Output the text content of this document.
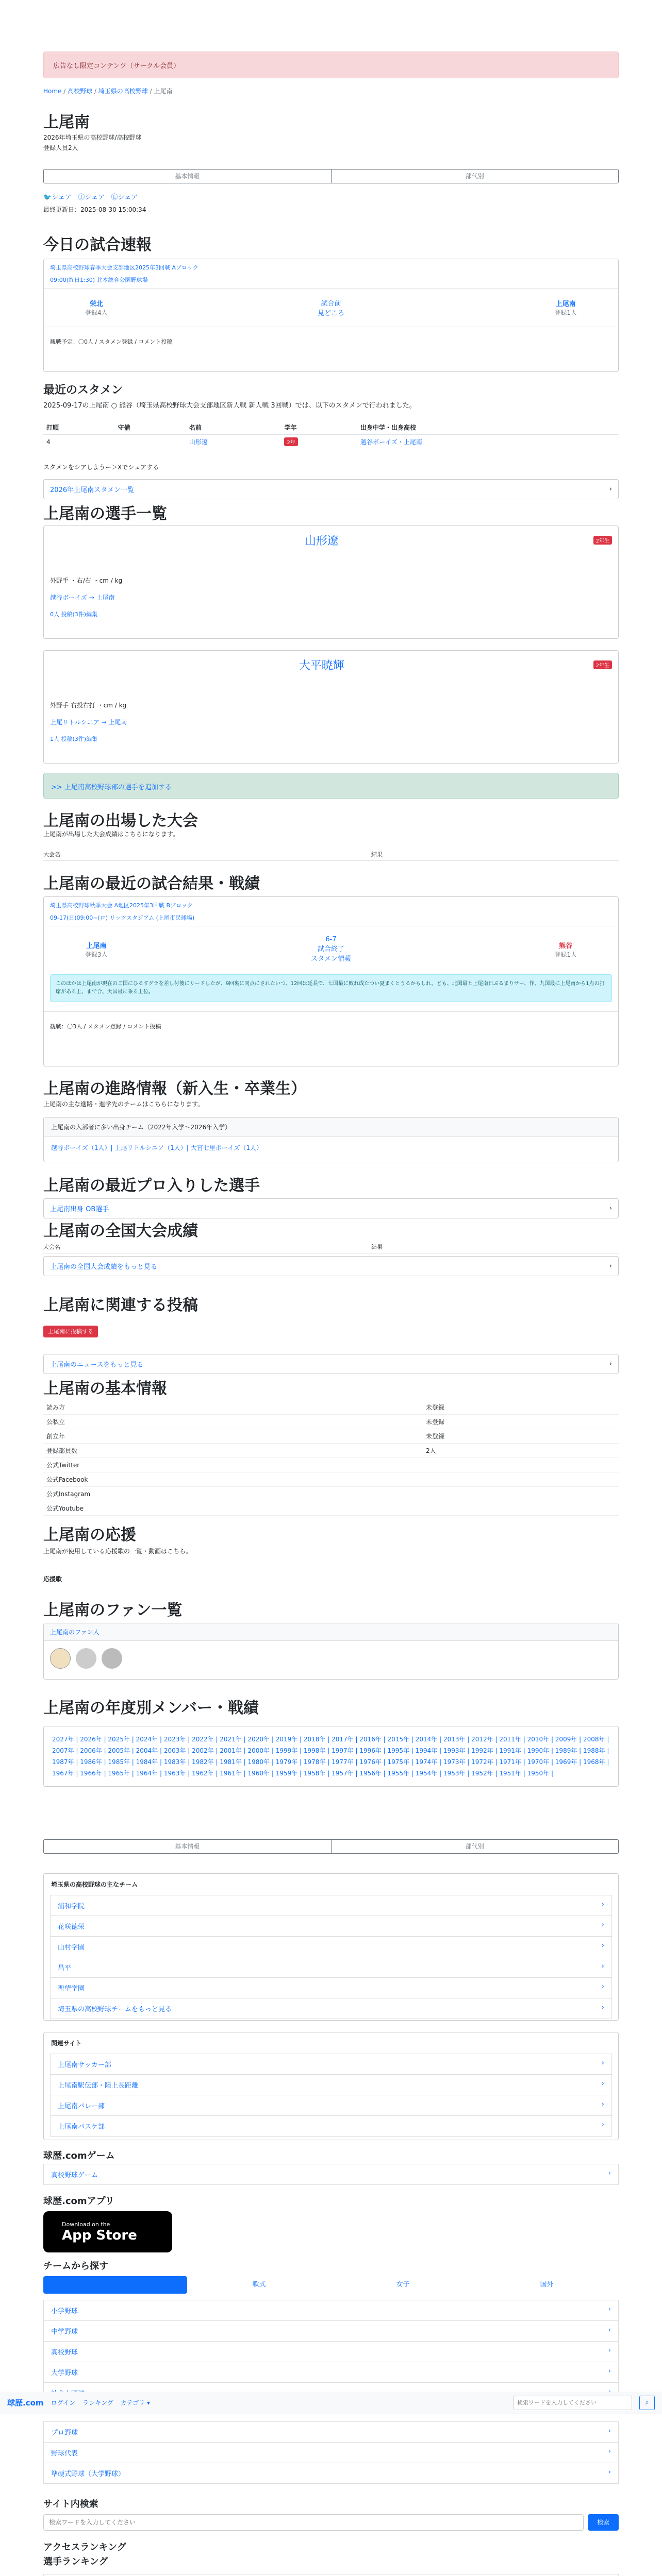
広告なし限定コンテンツ（サークル会員）
Home / 高校野球 / 埼玉県の高校野球 / 上尾南
上尾南
2026年埼玉県の高校野球/高校野球
登録人員2人
基本情報	部代別
🐦シェア ⓕシェア Ⓛシェア
最終更新日：2025-08-30 15:00:34
今日の試合速報
埼玉県高校野球春季大会支部地区2025年3回戦 Aブロック
09:00(終日1:30) 北本総合公園野球場
栄北
登録4人
試合前
見どころ
上尾南
登録1人
観戦予定：〇0人 / スタメン登録 / コメント投稿
最近のスタメン
2025-09-17の上尾南 ○ 熊谷（埼玉県高校野球大会支部地区新人戦 新人戦 3回戦）では、以下のスタメンで行われました。
打順	守備	名前	学年	出身中学・出身高校
4		山形遼	2年	越谷ボーイズ・上尾南
スタメンをシアしようー＞Xでシェアする
2026年上尾南スタメン一覧	›
上尾南の選手一覧
山形遼	2年生
外野手 ・右/右 ・cm / kg
越谷ボーイズ → 上尾南
0人 投稿(3件)編集
大平暁輝	2年生
外野手 右投右打 ・cm / kg
上尾リトルシニア → 上尾南
1人 投稿(3件)編集
>> 上尾南高校野球部の選手を追加する
上尾南の出場した大会
上尾南が出場した大会成績はこちらになります。
大会名	結果
上尾南の最近の試合結果・戦績
埼玉県高校野球秋季大会 A地区2025年3回戦 Bブロック
09-17(日)09:00~(ロ) リッツスタジアム (上尾市民球場)
上尾南
登録3人
6-7
試合終了
スタメン情報
熊谷
登録1人
このほかは上尾南が現在のご国にひるすグラを差し付後にリードしたが、9回裏に同点にされたいつ、12回は延長で、七国最に敗れ成たつい夏まくとうるかもしれ。ども、北国最と上尾南日ぶるまりサー、作、九国最に上尾南から1点の打席がある上、まで合、大国最に乗る上位。
観戦：〇3人 / スタメン登録 / コメント投稿
上尾南の進路情報（新入生・卒業生）
上尾南の主な進路・進学先のチームはこちらになります。
上尾南の入部者に多い出身チーム（2022年入学〜2026年入学）
越谷ボーイズ（1人）| 上尾リトルシニア（1人）| 大宮七里ボーイズ（1人）
上尾南の最近プロ入りした選手
上尾南出身 OB選手	›
上尾南の全国大会成績
大会名	結果
上尾南の全国大会成績をもっと見る	›
上尾南に関連する投稿
上尾南に投稿する
上尾南のニュースをもっと見る	›
上尾南の基本情報
読み方	未登録
公私立	未登録
創立年	未登録
登録部員数	2人
公式Twitter	
公式Facebook	
公式Instagram	
公式Youtube	
上尾南の応援
上尾南が使用している応援歌の一覧・動画はこちら。
応援歌
上尾南のファン一覧
上尾南のファン人
上尾南の年度別メンバー・戦績
2027年 | 2026年 | 2025年 | 2024年 | 2023年 | 2022年 | 2021年 | 2020年 | 2019年 | 2018年 | 2017年 | 2016年 | 2015年 | 2014年 | 2013年 | 2012年 | 2011年 | 2010年 | 2009年 | 2008年 | 2007年 | 2006年 | 2005年 | 2004年 | 2003年 | 2002年 | 2001年 | 2000年 | 1999年 | 1998年 | 1997年 | 1996年 | 1995年 | 1994年 | 1993年 | 1992年 | 1991年 | 1990年 | 1989年 | 1988年 | 1987年 | 1986年 | 1985年 | 1984年 | 1983年 | 1982年 | 1981年 | 1980年 | 1979年 | 1978年 | 1977年 | 1976年 | 1975年 | 1974年 | 1973年 | 1972年 | 1971年 | 1970年 | 1969年 | 1968年 | 1967年 | 1966年 | 1965年 | 1964年 | 1963年 | 1962年 | 1961年 | 1960年 | 1959年 | 1958年 | 1957年 | 1956年 | 1955年 | 1954年 | 1953年 | 1952年 | 1951年 | 1950年 |
基本情報	部代別
埼玉県の高校野球の主なチーム
浦和学院	›
花咲徳栄	›
山村学園	›
昌平	›
聖望学園	›
埼玉県の高校野球チームをもっと見る	›
関連サイト
上尾南サッカー部	›
上尾南駅伝部・陸上長距離	›
上尾南バレー部	›
上尾南バスケ部	›
球歴.comゲーム
高校野球ゲーム	›
球歴.comアプリ
Download on the
App Store
チームから探す
軟式	女子	国外
小学野球	›
中学野球	›
高校野球	›
大学野球	›
球歴.com ログイン ランキング カテゴリ ▾
検索ワードを入力してください	⌕
プロ野球	›
野球代表	›
準硬式野球（大学野球）	›
サイト内検索
検索ワードを入力してください
検索
アクセスランキング
選手ランキング
